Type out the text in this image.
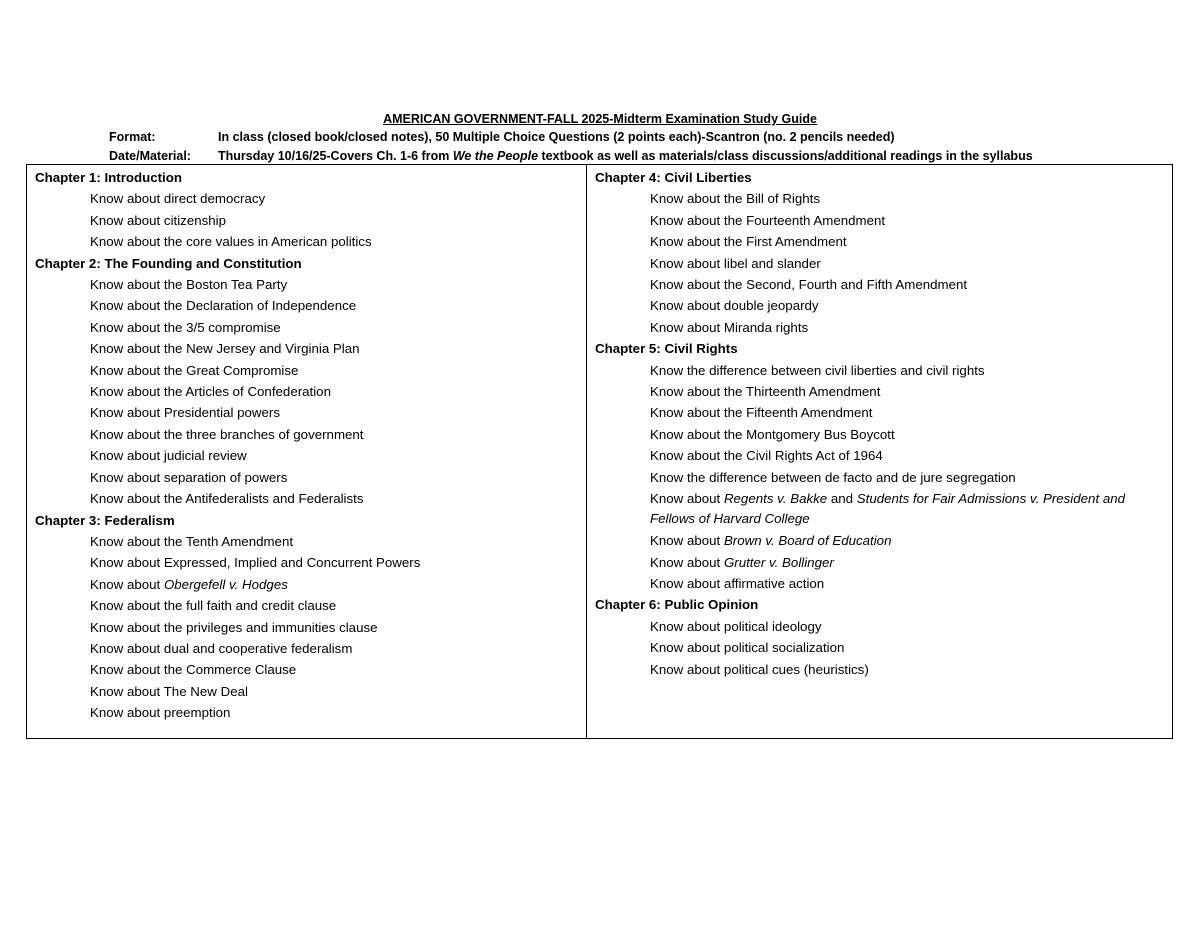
AMERICAN GOVERNMENT-FALL 2025-Midterm Examination Study Guide
Format:	In class (closed book/closed notes), 50 Multiple Choice Questions (2 points each)-Scantron (no. 2 pencils needed)
Date/Material: Thursday 10/16/25-Covers Ch. 1-6 from We the People textbook as well as materials/class discussions/additional readings in the syllabus
Chapter 1: Introduction
Know about direct democracy
Know about citizenship
Know about the core values in American politics
Chapter 2: The Founding and Constitution
Know about the Boston Tea Party
Know about the Declaration of Independence
Know about the 3/5 compromise
Know about the New Jersey and Virginia Plan
Know about the Great Compromise
Know about the Articles of Confederation
Know about Presidential powers
Know about the three branches of government
Know about judicial review
Know about separation of powers
Know about the Antifederalists and Federalists
Chapter 3: Federalism
Know about the Tenth Amendment
Know about Expressed, Implied and Concurrent Powers
Know about Obergefell v. Hodges
Know about the full faith and credit clause
Know about the privileges and immunities clause
Know about dual and cooperative federalism
Know about the Commerce Clause
Know about The New Deal
Know about preemption
Chapter 4: Civil Liberties
Know about the Bill of Rights
Know about the Fourteenth Amendment
Know about the First Amendment
Know about libel and slander
Know about the Second, Fourth and Fifth Amendment
Know about double jeopardy
Know about Miranda rights
Chapter 5: Civil Rights
Know the difference between civil liberties and civil rights
Know about the Thirteenth Amendment
Know about the Fifteenth Amendment
Know about the Montgomery Bus Boycott
Know about the Civil Rights Act of 1964
Know the difference between de facto and de jure segregation
Know about Regents v. Bakke and Students for Fair Admissions v. President and Fellows of Harvard College
Know about Brown v. Board of Education
Know about Grutter v. Bollinger
Know about affirmative action
Chapter 6: Public Opinion
Know about political ideology
Know about political socialization
Know about political cues (heuristics)
